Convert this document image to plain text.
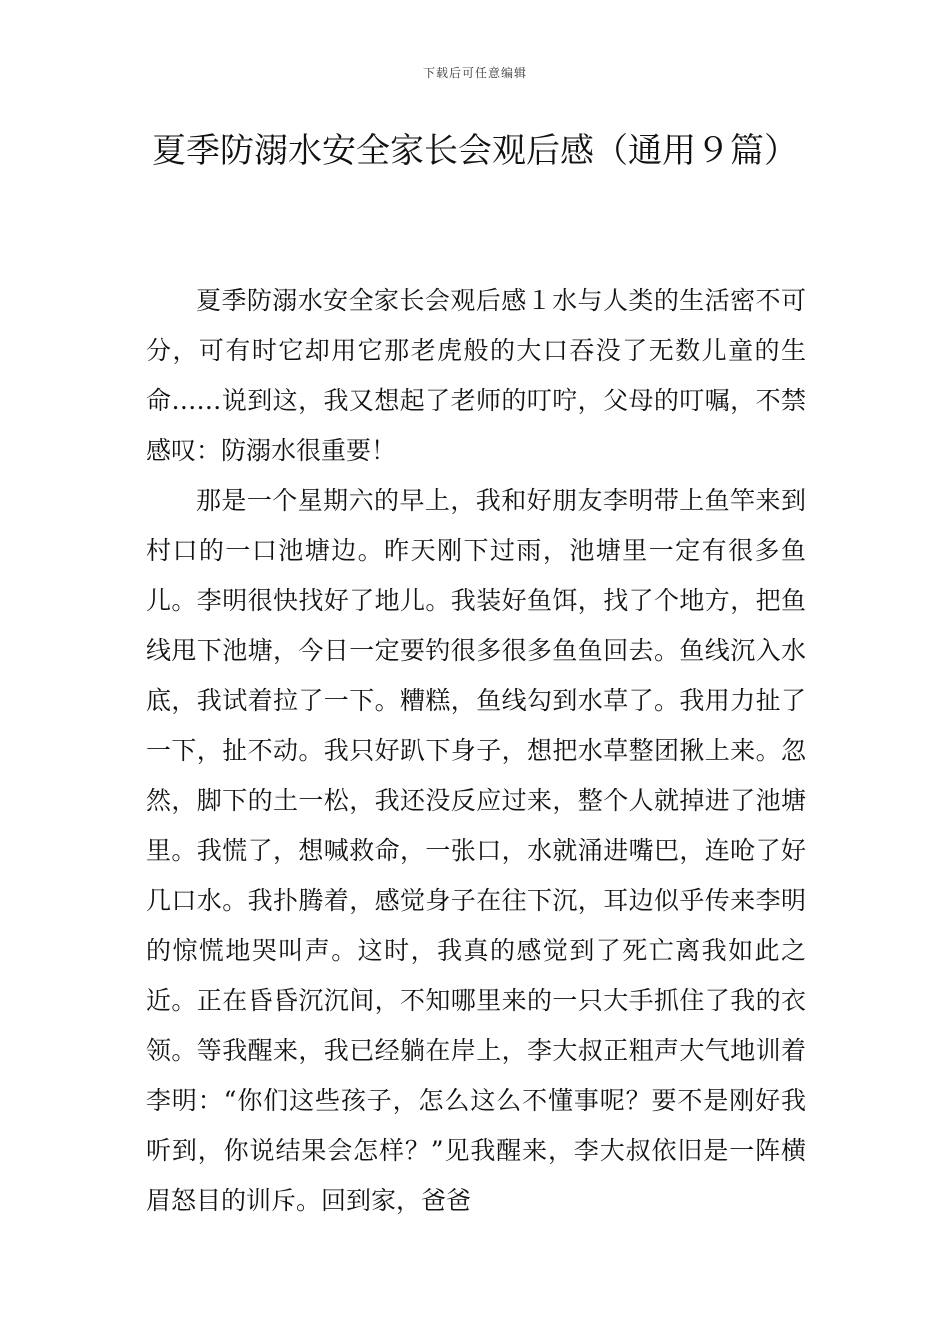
下载后可任意编辑
夏季防溺水安全家长会观后感（通用９篇）

夏季防溺水安全家长会观后感１水与人类的生活密不可分，可有时它却用它那老虎般的大口吞没了无数儿童的生命……说到这，我又想起了老师的叮咛，父母的叮嘱，不禁感叹：防溺水很重要！

那是一个星期六的早上，我和好朋友李明带上鱼竿来到村口的一口池塘边。昨天刚下过雨，池塘里一定有很多鱼儿。李明很快找好了地儿。我装好鱼饵，找了个地方，把鱼线甩下池塘，今日一定要钓很多很多鱼鱼回去。鱼线沉入水底，我试着拉了一下。糟糕，鱼线勾到水草了。我用力扯了一下，扯不动。我只好趴下身子，想把水草整团揪上来。忽然，脚下的土一松，我还没反应过来，整个人就掉进了池塘里。我慌了，想喊救命，一张口，水就涌进嘴巴，连呛了好几口水。我扑腾着，感觉身子在往下沉，耳边似乎传来李明的惊慌地哭叫声。这时，我真的感觉到了死亡离我如此之近。正在昏昏沉沉间，不知哪里来的一只大手抓住了我的衣领。等我醒来，我已经躺在岸上，李大叔正粗声大气地训着李明：“你们这些孩子，怎么这么不懂事呢？要不是刚好我听到，你说结果会怎样？”见我醒来，李大叔依旧是一阵横眉怒目的训斥。回到家，爸爸
